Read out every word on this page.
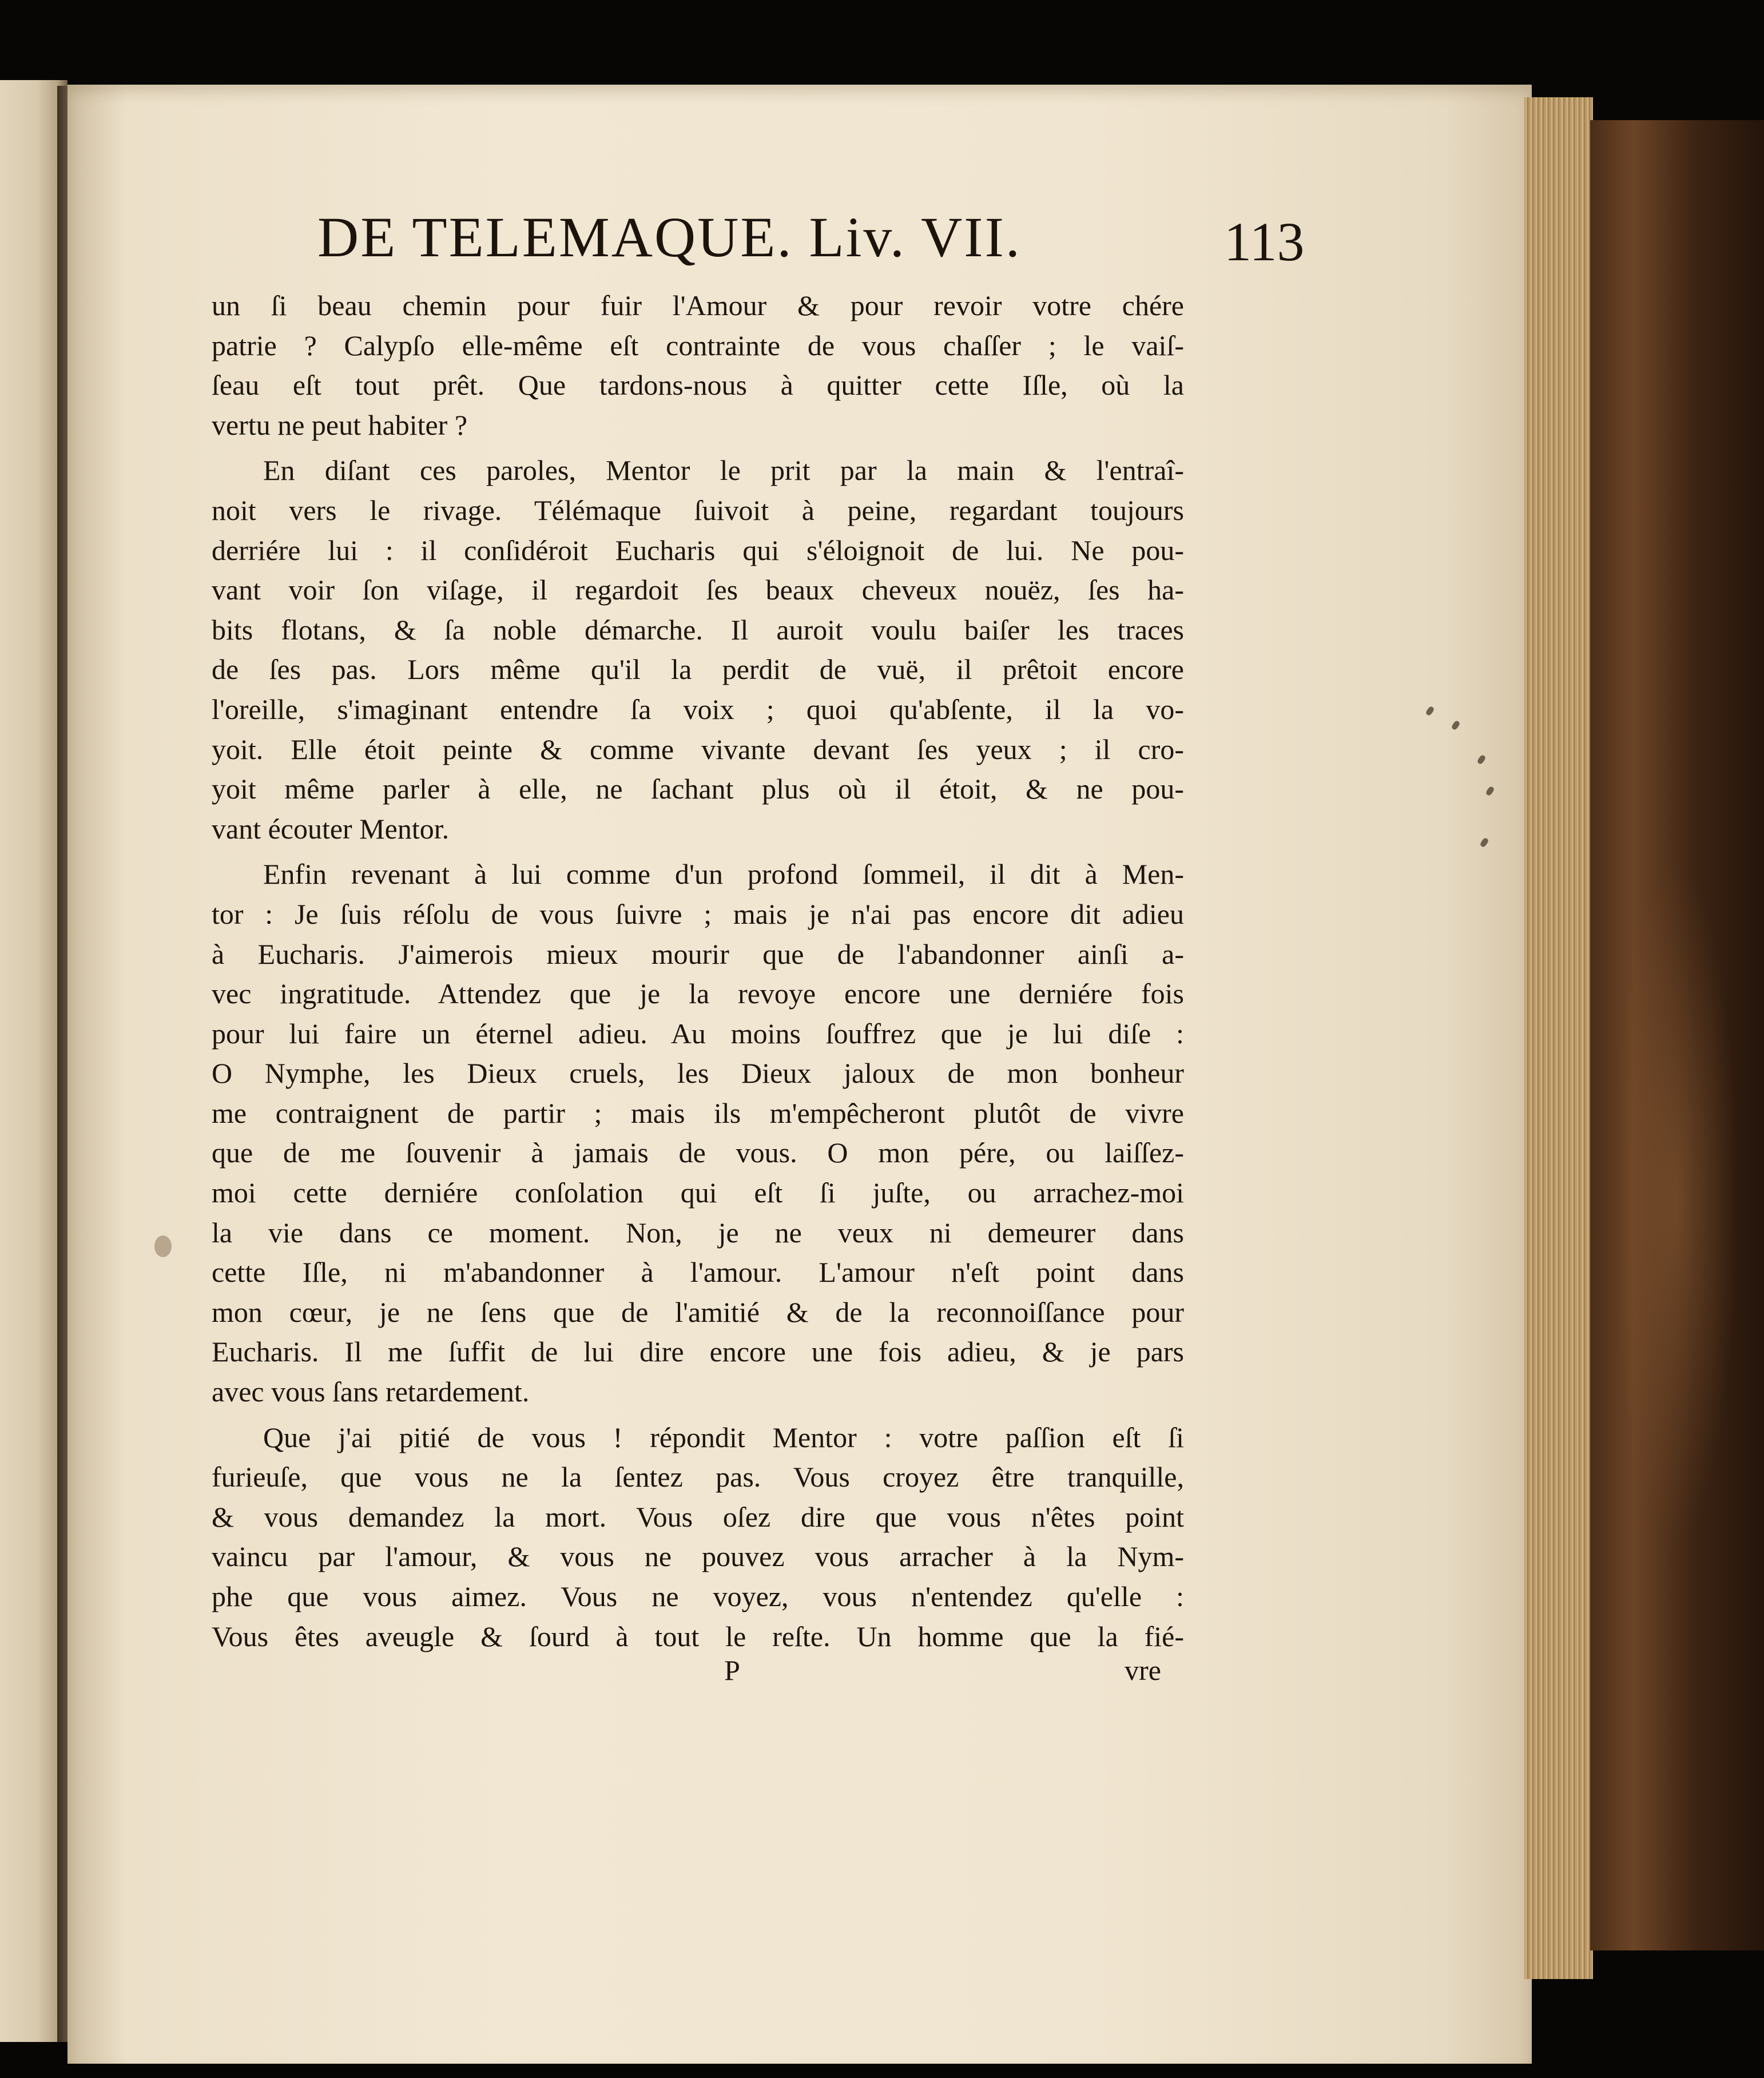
DE TELEMAQUE. Liv. VII.	113
un ſi beau chemin pour fuir l'Amour & pour revoir votre chére
patrie ? Calypſo elle-même eſt contrainte de vous chaſſer ; le vaiſ-
ſeau eſt tout prêt. Que tardons-nous à quitter cette Iſle, où la
vertu ne peut habiter ?
En diſant ces paroles, Mentor le prit par la main & l'entraî-
noit vers le rivage. Télémaque ſuivoit à peine, regardant toujours
derriére lui : il conſidéroit Eucharis qui s'éloignoit de lui. Ne pou-
vant voir ſon viſage, il regardoit ſes beaux cheveux nouëz, ſes ha-
bits flotans, & ſa noble démarche. Il auroit voulu baiſer les traces
de ſes pas. Lors même qu'il la perdit de vuë, il prêtoit encore
l'oreille, s'imaginant entendre ſa voix ; quoi qu'abſente, il la vo-
yoit. Elle étoit peinte & comme vivante devant ſes yeux ; il cro-
yoit même parler à elle, ne ſachant plus où il étoit, & ne pou-
vant écouter Mentor.
Enfin revenant à lui comme d'un profond ſommeil, il dit à Men-
tor : Je ſuis réſolu de vous ſuivre ; mais je n'ai pas encore dit adieu
à Eucharis. J'aimerois mieux mourir que de l'abandonner ainſi a-
vec ingratitude. Attendez que je la revoye encore une derniére fois
pour lui faire un éternel adieu. Au moins ſouffrez que je lui diſe :
O Nymphe, les Dieux cruels, les Dieux jaloux de mon bonheur
me contraignent de partir ; mais ils m'empêcheront plutôt de vivre
que de me ſouvenir à jamais de vous. O mon pére, ou laiſſez-
moi cette derniére conſolation qui eſt ſi juſte, ou arrachez-moi
la vie dans ce moment. Non, je ne veux ni demeurer dans
cette Iſle, ni m'abandonner à l'amour. L'amour n'eſt point dans
mon cœur, je ne ſens que de l'amitié & de la reconnoiſſance pour
Eucharis. Il me ſuffit de lui dire encore une fois adieu, & je pars
avec vous ſans retardement.
Que j'ai pitié de vous ! répondit Mentor : votre paſſion eſt ſi
furieuſe, que vous ne la ſentez pas. Vous croyez être tranquille,
& vous demandez la mort. Vous oſez dire que vous n'êtes point
vaincu par l'amour, & vous ne pouvez vous arracher à la Nym-
phe que vous aimez. Vous ne voyez, vous n'entendez qu'elle :
Vous êtes aveugle & ſourd à tout le reſte. Un homme que la fié-
P	vre
